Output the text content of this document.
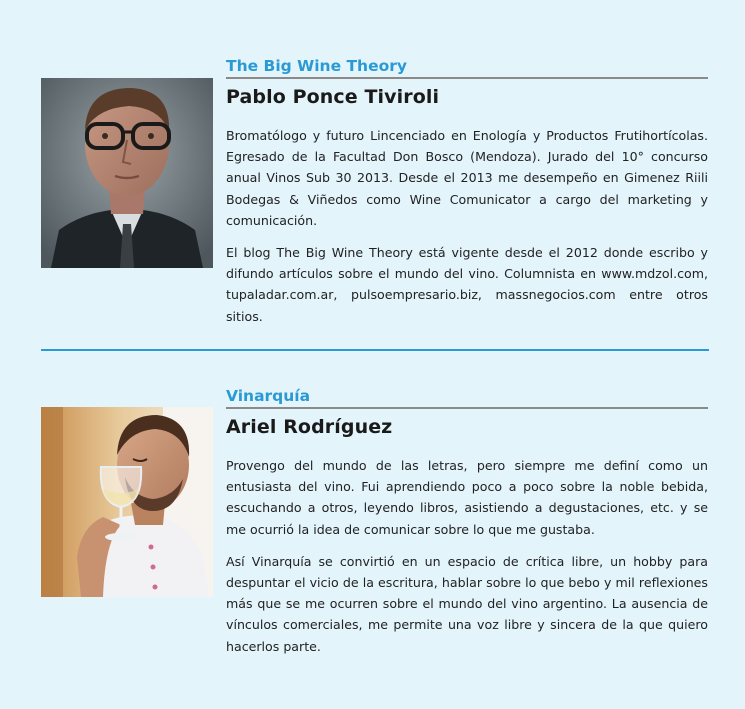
The Big Wine Theory
Pablo Ponce Tiviroli

Bromatólogo y futuro Lincenciado en Enología y Productos Frutihortícolas. Egresado de la Facultad Don Bosco (Mendoza). Jurado del 10° concurso anual Vinos Sub 30 2013. Desde el 2013 me desempeño en Gimenez Riili Bodegas & Viñedos como Wine Comunicator a cargo del marketing y comunicación.

El blog The Big Wine Theory está vigente desde el 2012 donde escribo y difundo artículos sobre el mundo del vino. Columnista en www.mdzol.com, tupaladar.com.ar, pulsoempresario.biz, massnegocios.com entre otros sitios.

Vinarquía
Ariel Rodríguez

Provengo del mundo de las letras, pero siempre me definí como un entusiasta del vino. Fui aprendiendo poco a poco sobre la noble bebida, escuchando a otros, leyendo libros, asistiendo a degustaciones, etc. y se me ocurrió la idea de comunicar sobre lo que me gustaba.

Así Vinarquía se convirtió en un espacio de crítica libre, un hobby para despuntar el vicio de la escritura, hablar sobre lo que bebo y mil reflexiones más que se me ocurren sobre el mundo del vino argentino. La ausencia de vínculos comerciales, me permite una voz libre y sincera de la que quiero hacerlos parte.
